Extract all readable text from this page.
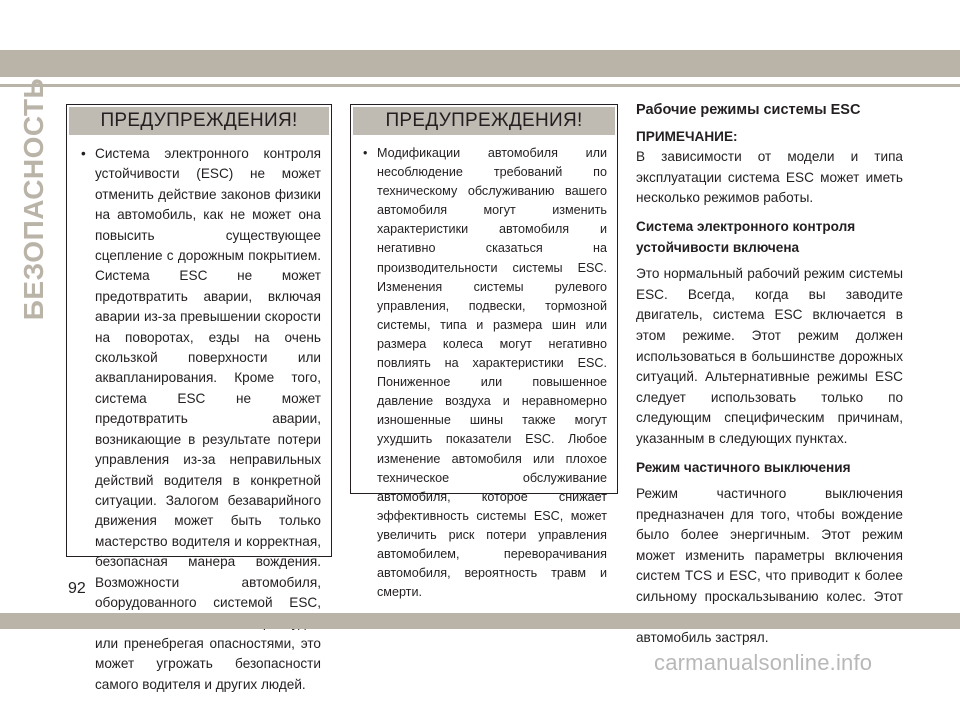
БЕЗОПАСНОСТЬ	ПРЕДУПРЕЖДЕНИЯ!
• Система электронного контроля устойчивости (ESC) не может отменить действие законов физики на автомобиль, как не может она повысить существующее сцепление с дорожным покрытием. Система ESC не может предотвратить аварии, включая аварии из-за превышении скорости на поворотах, езды на очень скользкой поверхности или аквапланирования. Кроме того, система ESC не может предотвратить аварии, возникающие в результате потери управления из-за неправильных действий водителя в конкретной ситуации. Залогом безаварийного движения может быть только мастерство водителя и корректная, безопасная манера вождения. Возможности автомобиля, оборудованного системой ESC, или пренебрегая опасностями, это может угрожать безопасности самого водителя и других людей.
ПРЕДУПРЕЖДЕНИЯ!
• Модификации автомобиля или несоблюдение требований по техническому обслуживанию вашего автомобиля могут изменить характеристики автомобиля и негативно сказаться на производительности системы ESC. Изменения системы рулевого управления, подвески, тормозной системы, типа и размера шин или размера колеса могут негативно повлиять на характеристики ESC. Пониженное или повышенное давление воздуха и неравномерно изношенные шины также могут ухудшить показатели ESC. Любое изменение автомобиля или плохое техническое обслуживание автомобиля, которое снижает эффективность системы ESC, может увеличить риск потери управления автомобилем, переворачивания автомобиля, вероятность травм и смерти.
Рабочие режимы системы ESC
ПРИМЕЧАНИЕ:

В зависимости от модели и типа эксплуатации система ESC может иметь несколько режимов работы.

Система электронного контроля устойчивости включена

Это нормальный рабочий режим системы ESC. Всегда, когда вы заводите двигатель, система ESC включается в этом режиме. Этот режим должен использоваться в большинстве дорожных ситуаций. Альтернативные режимы ESC следует использовать только по следующим специфическим причинам, указанным в следующих пунктах.

Режим частичного выключения

Режим частичного выключения предназначен для того, чтобы вождение было более энергичным. Этот режим может изменить параметры включения систем TCS и ESC, что приводит к более сильному проскальзыванию колес. Этот автомобиль застрял.

92
carmanualsonline.info
